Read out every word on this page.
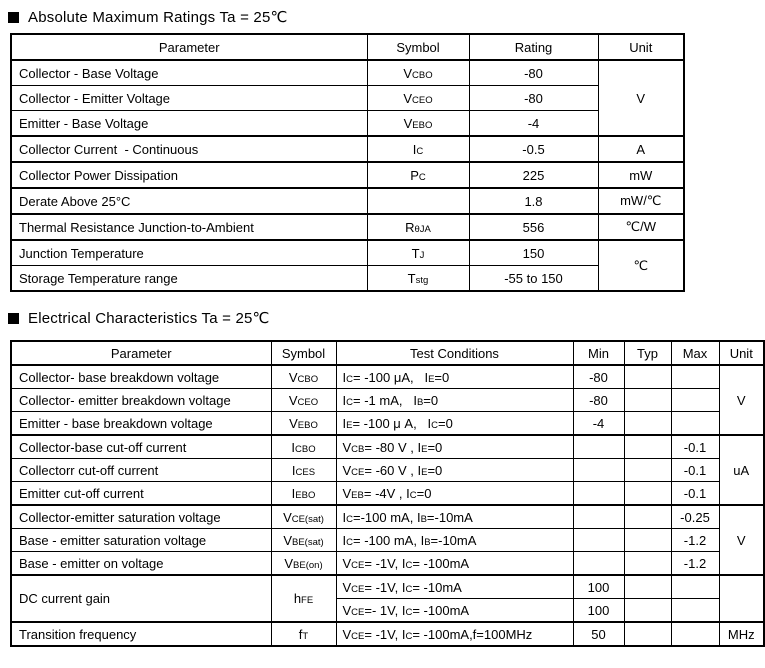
Absolute Maximum Ratings Ta = 25℃
Parameter	Symbol	Rating	Unit
Collector - Base Voltage	VCBO	-80	V
Collector - Emitter Voltage	VCEO	-80	
Emitter - Base Voltage	VEBO	-4	
Collector Current  - Continuous	IC	-0.5	A
Collector Power Dissipation	PC	225	mW
Derate Above 25°C		1.8	mW/℃
Thermal Resistance Junction-to-Ambient	RθJA	556	℃/W
Junction Temperature	TJ	150	℃
Storage Temperature range	Tstg	-55 to 150	
Electrical Characteristics Ta = 25℃
Parameter	Symbol	Test Conditions	Min	Typ	Max	Unit
Collector- base breakdown voltage	VCBO	IC= -100 μA,   IE=0	-80			V
Collector- emitter breakdown voltage	VCEO	IC= -1 mA,   IB=0	-80			
Emitter - base breakdown voltage	VEBO	IE= -100 μ A,   IC=0	-4			
Collector-base cut-off current	ICBO	VCB= -80 V , IE=0			-0.1	uA
Collectorr cut-off current	ICES	VCE= -60 V , IE=0			-0.1	
Emitter cut-off current	IEBO	VEB= -4V , IC=0			-0.1	
Collector-emitter saturation voltage	VCE(sat)	IC=-100 mA, IB=-10mA			-0.25	V
Base - emitter saturation voltage	VBE(sat)	IC= -100 mA, IB=-10mA			-1.2	
Base - emitter on voltage	VBE(on)	VCE= -1V, IC= -100mA			-1.2	
DC current gain	hFE	VCE= -1V, IC= -10mA	100			
		VCE=- 1V, IC= -100mA	100			
Transition frequency	fT	VCE= -1V, IC= -100mA,f=100MHz	50			MHz
